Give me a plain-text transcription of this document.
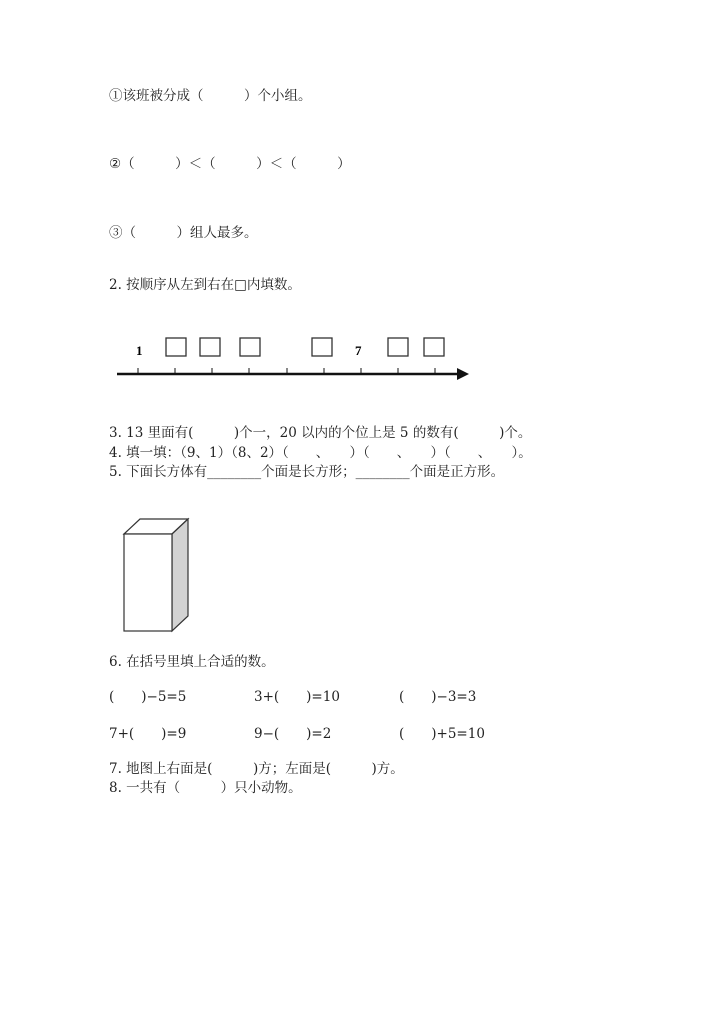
①该班被分成（　　　）个小组。
②（　　　）＜（　　　）＜（　　　）
③（　　　）组人最多。
2. 按顺序从左到右在□内填数。
1	7
3. 13 里面有(　　　)个一，20 以内的个位上是 5 的数有(　　　)个。
4. 填一填：（9、1）（8、2）（　　、　　）（　　、　　）（　　、　　）。
5. 下面长方体有________个面是长方形；________个面是正方形。
6. 在括号里填上合适的数。
(　　)−5=5	3+(　　)=10	(　　)−3=3
7+(　　)=9	9−(　　)=2	(　　)+5=10
7. 地图上右面是(　　　)方；左面是(　　　)方。
8. 一共有（　　　）只小动物。
